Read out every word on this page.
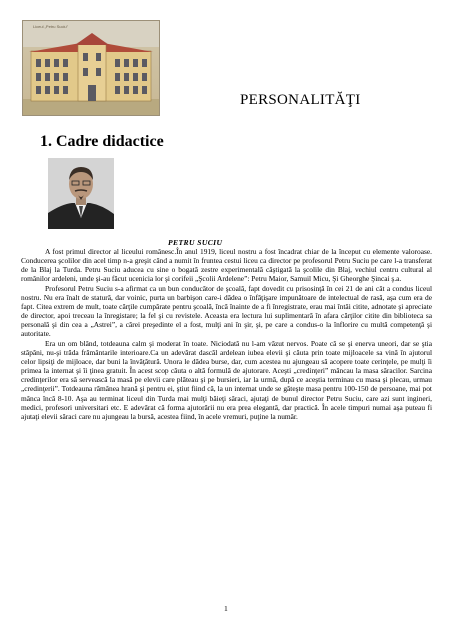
Liceul „Petru Suciu”
PERSONALITĂŢI
1. Cadre didactice
PETRU SUCIU

A fost primul director al liceului românesc.În anul 1919, liceul nostru a fost încadrat chiar de la început cu elemente valoroase. Conducerea şcolilor din acel timp n-a greşit când a numit în fruntea cestui liceu ca director pe profesorul Petru Suciu pe care l-a transferat de la Blaj la Turda. Petru Suciu aducea cu sine o bogată zestre experimentală câştigată la şcolile din Blaj, vechiul centru cultural al românilor ardeleni, unde şi-au făcut ucenicia lor şi corifeii „Şcolii Ardelene”: Petru Maior, Samuil Micu, Şi Gheorghe Şincai ş.a.

Profesorul Petru Suciu s-a afirmat ca un bun conducător de şcoală, fapt dovedit cu prisosinţă în cei 21 de ani cât a condus liceul nostru. Nu era înalt de statură, dar voinic, purta un barbişon care-i dădea o înfăţişare impunătoare de intelectual de rasă, aşa cum era de fapt. Citea extrem de mult, toate cărţile cumpărate pentru şcoală, încă înainte de a fi înregistrate, erau mai întâi citite, adnotate şi apreciate de director, apoi treceau la înregistare; la fel şi cu revistele. Aceasta era lectura lui suplimentară în afara cărţilor citite din biblioteca sa personală şi din cea a „Astrei”, a cărei preşedinte el a fost, mulţi ani în şir, şi, pe care a condus-o la înflorire cu multă competenţă şi autoritate.

Era un om blând, totdeauna calm şi moderat în toate. Niciodată nu l-am văzut nervos. Poate că se şi enerva uneori, dar se ştia stăpâni, nu-şi trăda frământarile interioare.Ca un adevărat dascăl ardelean iubea elevii şi căuta prin toate mijloacele sa vină în ajutorul celor lipsiţi de mijloace, dar buni la învăţătură. Unora le dădea burse, dar, cum acestea nu ajungeau să acopere toate cerinţele, pe mulţi îi primea la internat şi îi ţinea gratuit. În acest scop căuta o altă formulă de ajutorare. Aceşti „credinţeri” mâncau la masa săracilor. Sarcina credinţerilor era să servească la masă pe elevii care plăteau şi pe bursieri, iar la urmă, după ce aceştia terminau cu masa şi plecau, urmau „credinţerii”. Totdeauna rămânea hrană şi pentru ei, ştiut fiind că, la un internat unde se găteşte masa pentru 100-150 de persoane, mai pot mânca încă 8-10. Aşa au terminat liceul din Turda mai mulţi băieţi săraci, ajutaţi de bunul director Petru Suciu, care azi sunt ingineri, medici, profesori universitari etc. E adevărat că forma ajutorării nu era prea elegantă, dar practică. În acele timpuri numai aşa puteau fi ajutaţi elevii săraci care nu ajungeau la bursă, acestea fiind, în acele vremuri, puţine la număr.

1
